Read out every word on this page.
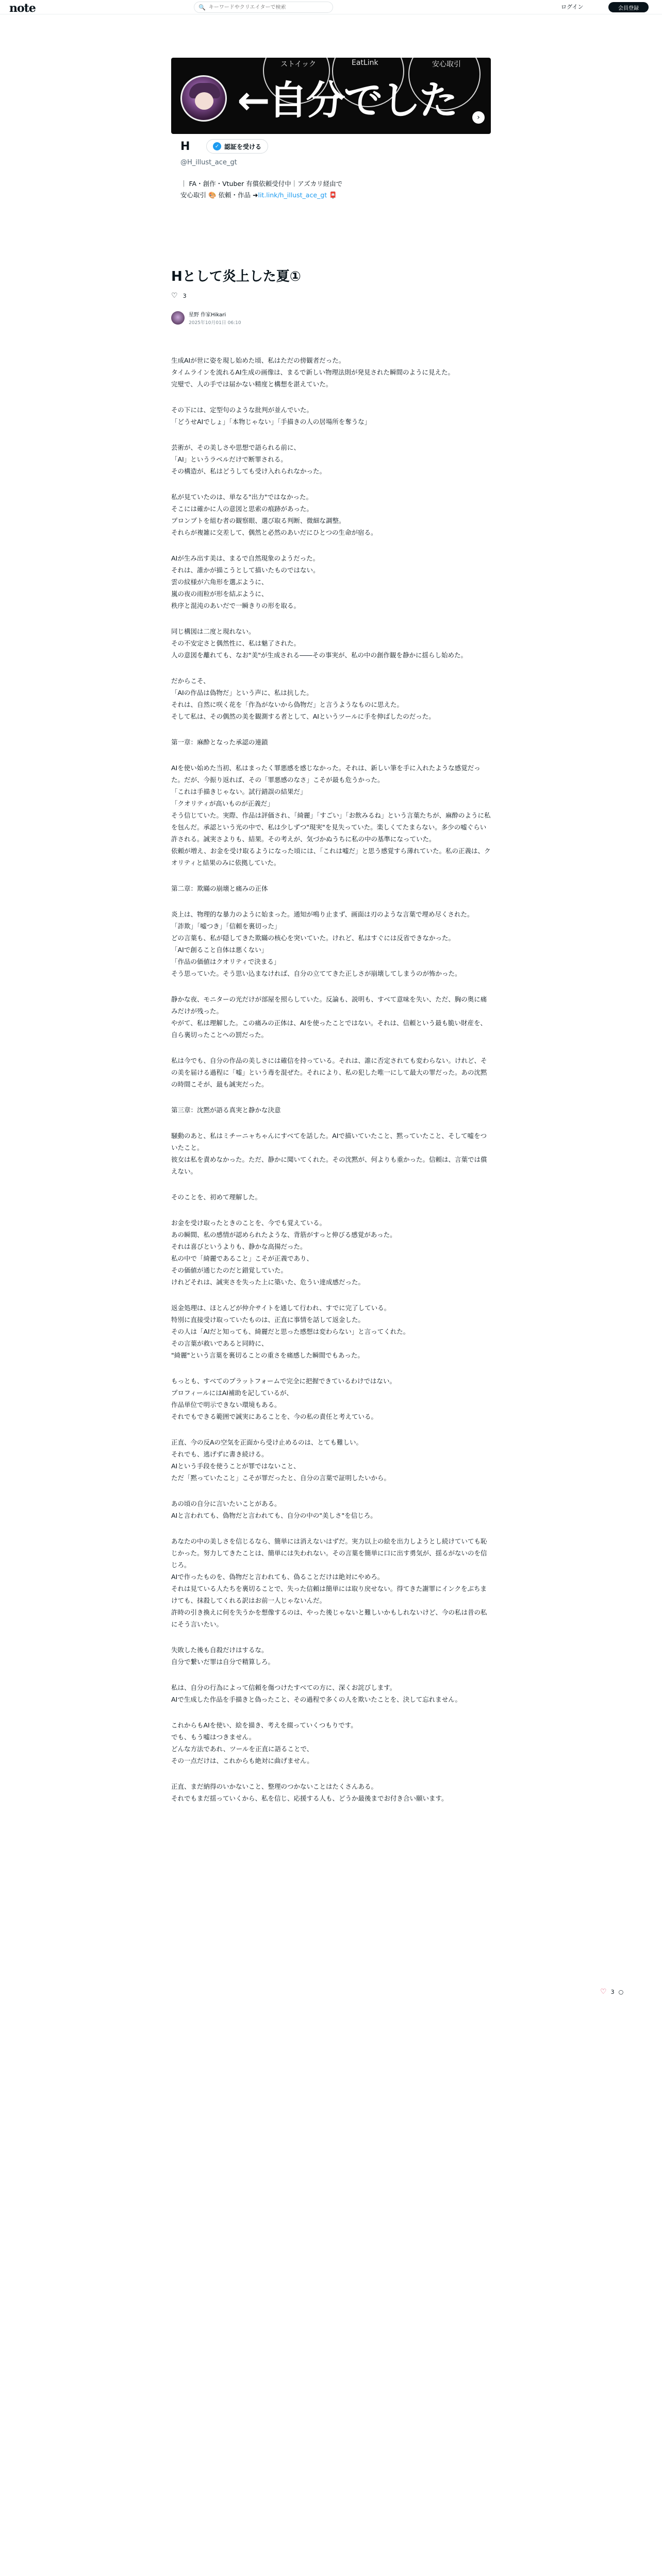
note	🔍
キーワードやクリエイターで検索	ログイン	会員登録
ストイック	EatLink	安心取引
←自分でした	›
H	✓ 認証を受ける
@H_illust_ace_gt
｜ FA・創作・Vtuber 有償依頼受付中｜アズカリ経由で
安心取引 🎨 依頼・作品 ➜lit.link/h_illust_ace_gt 📮
Hとして炎上した夏①
♡ 3
星野 作家Hikari
2025年10月01日 06:10

生成AIが世に姿を現し始めた頃、私はただの傍観者だった。
タイムラインを流れるAI生成の画像は、まるで新しい物理法則が発見された瞬間のように見えた。
完璧で、人の手では届かない精度と構想を湛えていた。

その下には、定型句のような批判が並んでいた。
「どうせAIでしょ」「本物じゃない」「手描きの人の居場所を奪うな」

芸術が、その美しさや思想で語られる前に、
「AI」というラベルだけで断罪される。
その構造が、私はどうしても受け入れられなかった。

私が見ていたのは、単なる"出力"ではなかった。
そこには確かに人の意図と思索の痕跡があった。
プロンプトを組む者の観察眼、選び取る判断、微細な調整。
それらが複雑に交差して、偶然と必然のあいだにひとつの生命が宿る。

AIが生み出す美は、まるで自然現象のようだった。
それは、誰かが描こうとして描いたものではない。
雲の紋様が六角形を選ぶように、
嵐の夜の雨粒が形を結ぶように、
秩序と混沌のあいだで一瞬きりの形を取る。

同じ構図は二度と現れない。
その不安定さと偶然性に、私は魅了された。
人の意図を離れても、なお"美"が生成される――その事実が、私の中の創作観を静かに揺らし始めた。

だからこそ、
「AIの作品は偽物だ」という声に、私は抗した。
それは、自然に咲く花を「作為がないから偽物だ」と言うようなものに思えた。
そして私は、その偶然の美を観測する者として、AIというツールに手を伸ばしたのだった。

第一章：麻酔となった承認の連鎖

AIを使い始めた当初、私はまったく罪悪感を感じなかった。それは、新しい筆を手に入れたような感覚だった。だが、今振り返れば、その「罪悪感のなさ」こそが最も危うかった。
「これは手描きじゃない。試行錯誤の結果だ」
「クオリティが高いものが正義だ」
そう信じていた。実際、作品は評価され、「綺麗」「すごい」「お飲みるね」という言葉たちが、麻酔のように私を包んだ。承認という光の中で、私は少しずつ"現実"を見失っていた。楽しくてたまらない。多少の嘘ぐらい許される。誠実さよりも、結果。その考えが、気づかぬうちに私の中の基準になっていた。
依頼が増え、お金を受け取るようになった頃には、「これは嘘だ」と思う感覚すら薄れていた。私の正義は、クオリティと結果のみに依拠していた。

第二章：欺瞞の崩壊と痛みの正体

炎上は、物理的な暴力のように始まった。通知が鳴り止まず、画面は刃のような言葉で埋め尽くされた。
「詐欺」「嘘つき」「信頼を裏切った」
どの言葉も、私が隠してきた欺瞞の核心を突いていた。けれど、私はすぐには反省できなかった。
「AIで創ること自体は悪くない」
「作品の価値はクオリティで決まる」
そう思っていた。そう思い込まなければ、自分の立ててきた正しさが崩壊してしまうのが怖かった。

静かな夜、モニターの光だけが部屋を照らしていた。反論も、説明も、すべて意味を失い、ただ、胸の奥に痛みだけが残った。
やがて、私は理解した。この痛みの正体は、AIを使ったことではない。それは、信頼という最も脆い財産を、自ら裏切ったことへの罰だった。

私は今でも、自分の作品の美しさには確信を持っている。それは、誰に否定されても変わらない。けれど、その美を届ける過程に「嘘」という毒を混ぜた。それにより、私の犯した唯一にして最大の罪だった。あの沈黙の時間こそが、最も誠実だった。

第三章：沈黙が語る真実と静かな決意

騒動のあと、私はミチーニャちゃんにすべてを話した。AIで描いていたこと、黙っていたこと、そして嘘をついたこと。
彼女は私を責めなかった。ただ、静かに聞いてくれた。その沈黙が、何よりも重かった。信頼は、言葉では償えない。

そのことを、初めて理解した。

お金を受け取ったときのことを、今でも覚えている。
あの瞬間、私の感情が認められたような、背筋がすっと伸びる感覚があった。
それは喜びというよりも、静かな高揚だった。
私の中で「綺麗であること」こそが正義であり、
その価値が通じたのだと錯覚していた。
けれどそれは、誠実さを失った上に築いた、危うい達成感だった。

返金処理は、ほとんどが仲介サイトを通して行われ、すでに完了している。
特別に直接受け取っていたものは、正直に事情を話して返金した。
その人は「AIだと知っても、綺麗だと思った感想は変わらない」と言ってくれた。
その言葉が救いであると同時に、
"綺麗"という言葉を裏切ることの重さを痛感した瞬間でもあった。

もっとも、すべてのプラットフォームで完全に把握できているわけではない。
プロフィールにはAI補助を記しているが、
作品単位で明示できない環境もある。
それでもできる範囲で誠実にあることを、今の私の責任と考えている。

正直、今の反Aの空気を正面から受け止めるのは、とても難しい。
それでも、逃げずに書き続ける。
AIという手段を使うことが罪ではないこと、
ただ「黙っていたこと」こそが罪だったと、自分の言葉で証明したいから。

あの頃の自分に言いたいことがある。
AIと言われても、偽物だと言われても、自分の中の"美しさ"を信じろ。

あなたの中の美しさを信じるなら、簡単には消えないはずだ。実力以上の絵を出力しようとし続けていても恥じかった。努力してきたことは、簡単には失われない。その言葉を簡単に口に出す勇気が、揺るがないのを信じろ。
AIで作ったものを、偽物だと言われても、偽ることだけは絶対にやめろ。
それは見ている人たちを裏切ることで、失った信頼は簡単には取り戻せない。得てきた謝罪にインクをぶちまけても、抹殺してくれる訳はお前一人じゃないんだ。
許時の引き換えに何を失うかを想像するのは、やった後じゃないと難しいかもしれないけど、今の私は昔の私にそう言いたい。

失敗した後も自殺だけはするな。
自分で繋いだ罪は自分で精算しろ。

私は、自分の行為によって信頼を傷つけたすべての方に、深くお詫びします。
AIで生成した作品を手描きと偽ったこと、その過程で多くの人を欺いたことを、決して忘れません。

これからもAIを使い、絵を描き、考えを綴っていくつもりです。
でも、もう嘘はつきません。
どんな方法であれ、ツールを正直に語ることで、
その一点だけは、これからも絶対に曲げません。

正直、まだ納得のいかないこと、整理のつかないことはたくさんある。
それでもまだ揺っていくから、私を信じ、応援する人も、どうか最後までお付き合い願います。

♡ 3 ○
